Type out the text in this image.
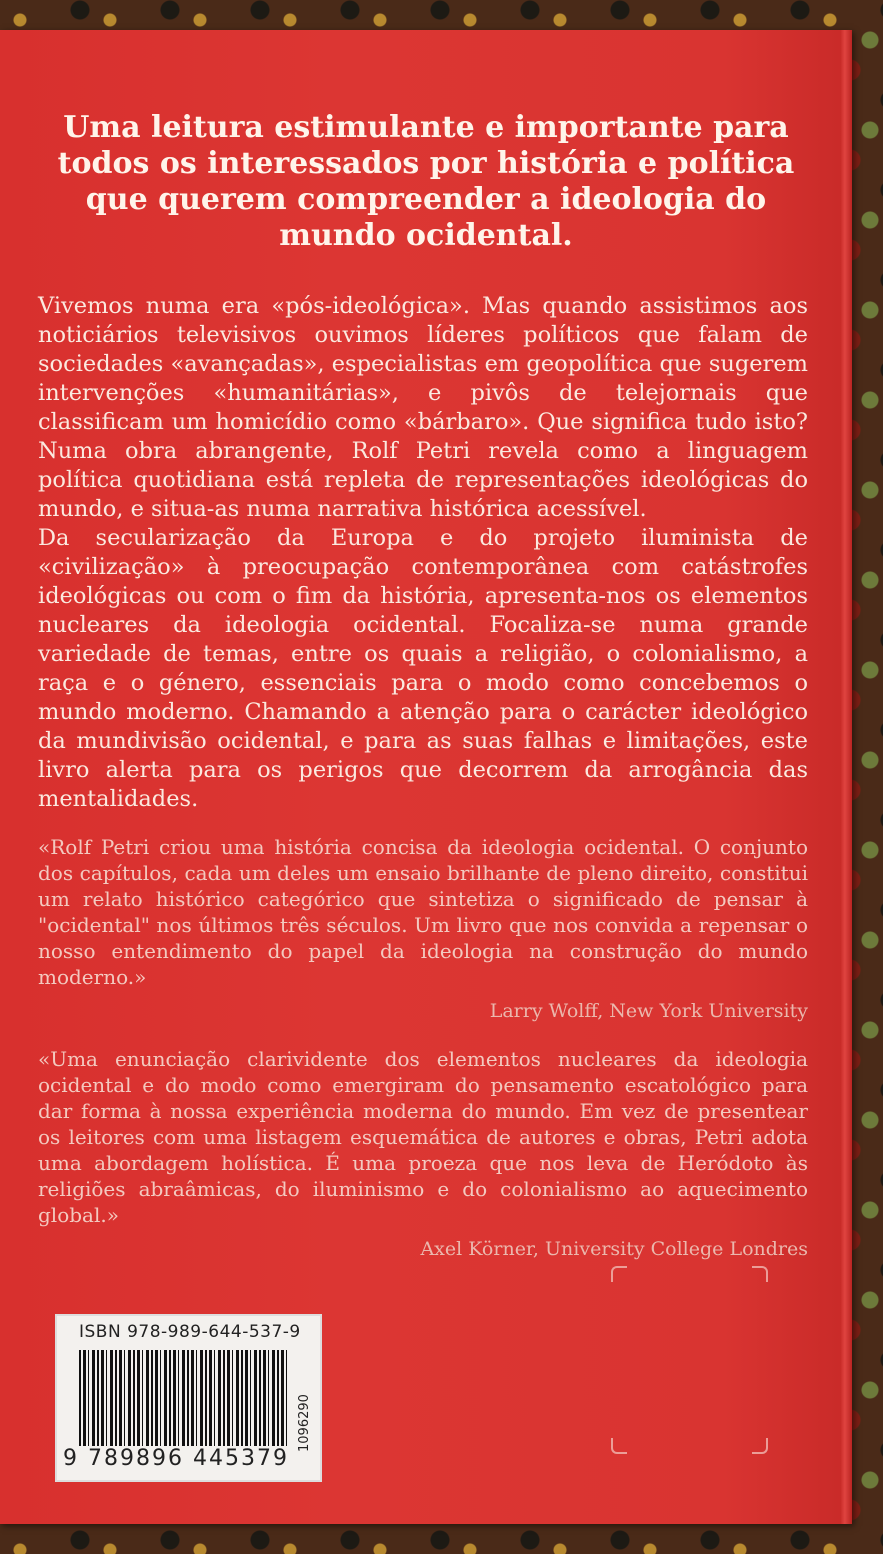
Uma leitura estimulante e importante para todos os interessados por história e política que querem compreender a ideologia do mundo ocidental.

Vivemos numa era «pós-ideológica». Mas quando assistimos aos noticiários televisivos ouvimos líderes políticos que falam de sociedades «avançadas», especialistas em geopolítica que sugerem intervenções «humanitárias», e pivôs de telejornais que classificam um homicídio como «bárbaro». Que significa tudo isto? Numa obra abrangente, Rolf Petri revela como a linguagem política quotidiana está repleta de representações ideológicas do mundo, e situa-as numa narrativa histórica acessível.

Da secularização da Europa e do projeto iluminista de «civilização» à preocupação contemporânea com catástrofes ideológicas ou com o fim da história, apresenta-nos os elementos nucleares da ideologia ocidental. Focaliza-se numa grande variedade de temas, entre os quais a religião, o colonialismo, a raça e o género, essenciais para o modo como concebemos o mundo moderno. Chamando a atenção para o carácter ideológico da mundivisão ocidental, e para as suas falhas e limitações, este livro alerta para os perigos que decorrem da arrogância das mentalidades.

«Rolf Petri criou uma história concisa da ideologia ocidental. O conjunto dos capítulos, cada um deles um ensaio brilhante de pleno direito, constitui um relato histórico categórico que sintetiza o significado de pensar à "ocidental" nos últimos três séculos. Um livro que nos convida a repensar o nosso entendimento do papel da ideologia na construção do mundo moderno.»

Larry Wolff, New York University

«Uma enunciação clarividente dos elementos nucleares da ideologia ocidental e do modo como emergiram do pensamento escatológico para dar forma à nossa experiência moderna do mundo. Em vez de presentear os leitores com uma listagem esquemática de autores e obras, Petri adota uma abordagem holística. É uma proeza que nos leva de Heródoto às religiões abraâmicas, do iluminismo e do colonialismo ao aquecimento global.»

Axel Körner, University College Londres

ISBN 978-989-644-537-9
9 789896 445379
1096290
